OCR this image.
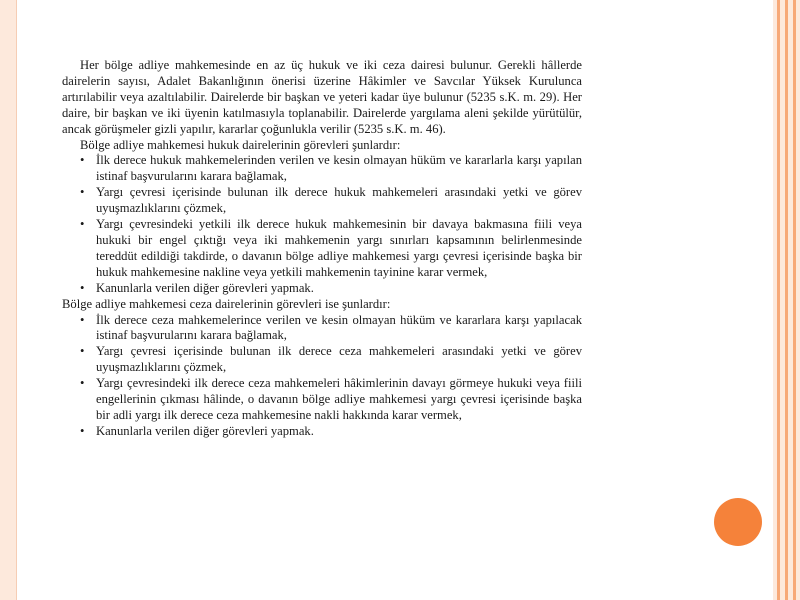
Her bölge adliye mahkemesinde en az üç hukuk ve iki ceza dairesi bulunur. Gerekli hâllerde dairelerin sayısı, Adalet Bakanlığının önerisi üzerine Hâkimler ve Savcılar Yüksek Kurulunca artırılabilir veya azaltılabilir. Dairelerde bir başkan ve yeteri kadar üye bulunur (5235 s.K. m. 29). Her daire, bir başkan ve iki üyenin katılmasıyla toplanabilir. Dairelerde yargılama aleni şekilde yürütülür, ancak görüşmeler gizli yapılır, kararlar çoğunlukla verilir (5235 s.K. m. 46).

Bölge adliye mahkemesi hukuk dairelerinin görevleri şunlardır:

• İlk derece hukuk mahkemelerinden verilen ve kesin olmayan hüküm ve kararlarla karşı yapılan istinaf başvurularını karara bağlamak,
• Yargı çevresi içerisinde bulunan ilk derece hukuk mahkemeleri arasındaki yetki ve görev uyuşmazlıklarını çözmek,
• Yargı çevresindeki yetkili ilk derece hukuk mahkemesinin bir davaya bakmasına fiili veya hukuki bir engel çıktığı veya iki mahkemenin yargı sınırları kapsamının belirlenmesinde tereddüt edildiği takdirde, o davanın bölge adliye mahkemesi yargı çevresi içerisinde başka bir hukuk mahkemesine nakline veya yetkili mahkemenin tayinine karar vermek,
• Kanunlarla verilen diğer görevleri yapmak.

Bölge adliye mahkemesi ceza dairelerinin görevleri ise şunlardır:

• İlk derece ceza mahkemelerince verilen ve kesin olmayan hüküm ve kararlara karşı yapılacak istinaf başvurularını karara bağlamak,
• Yargı çevresi içerisinde bulunan ilk derece ceza mahkemeleri arasındaki yetki ve görev uyuşmazlıklarını çözmek,
• Yargı çevresindeki ilk derece ceza mahkemeleri hâkimlerinin davayı görmeye hukuki veya fiili engellerinin çıkması hâlinde, o davanın bölge adliye mahkemesi yargı çevresi içerisinde başka bir adli yargı ilk derece ceza mahkemesine nakli hakkında karar vermek,
• Kanunlarla verilen diğer görevleri yapmak.
